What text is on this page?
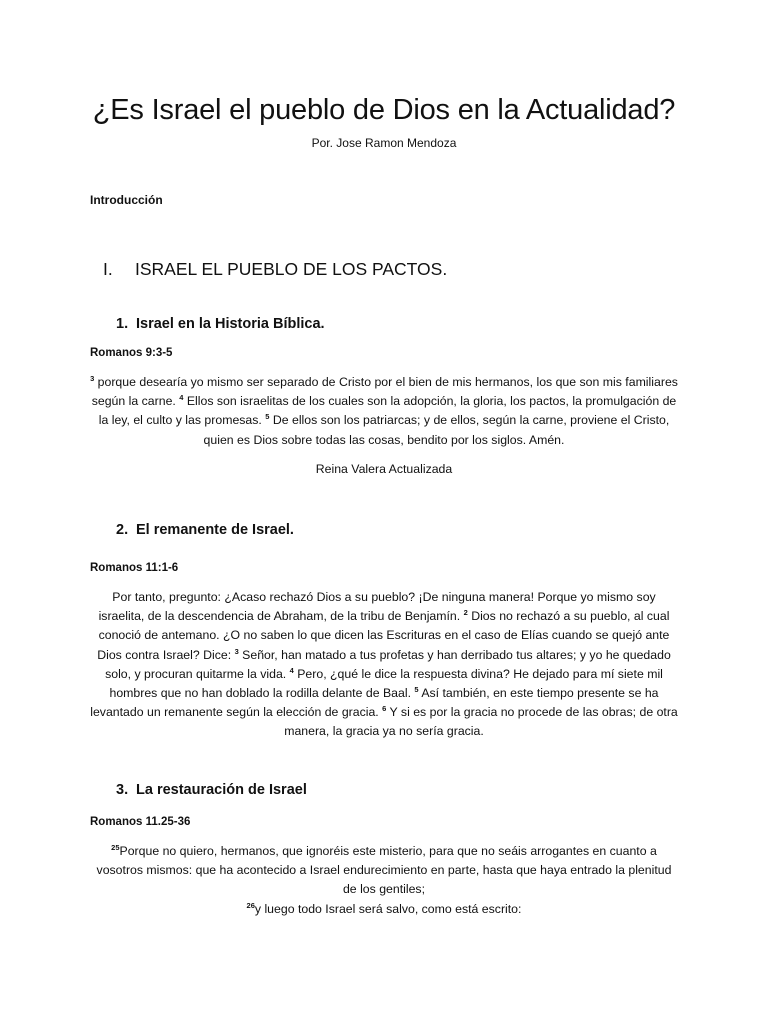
¿Es Israel el pueblo de Dios en la Actualidad?
Por. Jose Ramon Mendoza
Introducción
I.	ISRAEL EL PUEBLO DE LOS PACTOS.
1. Israel en la Historia Bíblica.
Romanos 9:3-5
$^3$ porque desearía yo mismo ser separado de Cristo por el bien de mis hermanos, los que son mis familiares según la carne. $^4$ Ellos son israelitas de los cuales son la adopción, la gloria, los pactos, la promulgación de la ley, el culto y las promesas. $^5$ De ellos son los patriarcas; y de ellos, según la carne, proviene el Cristo, quien es Dios sobre todas las cosas, bendito por los siglos. Amén.
Reina Valera Actualizada
2. El remanente de Israel.
Romanos 11:1-6
Por tanto, pregunto: ¿Acaso rechazó Dios a su pueblo? ¡De ninguna manera! Porque yo mismo soy israelita, de la descendencia de Abraham, de la tribu de Benjamín. $^2$ Dios no rechazó a su pueblo, al cual conoció de antemano. ¿O no saben lo que dicen las Escrituras en el caso de Elías cuando se quejó ante Dios contra Israel? Dice: $^3$ Señor, han matado a tus profetas y han derribado tus altares; y yo he quedado solo, y procuran quitarme la vida. $^4$ Pero, ¿qué le dice la respuesta divina? He dejado para mí siete mil hombres que no han doblado la rodilla delante de Baal. $^5$ Así también, en este tiempo presente se ha levantado un remanente según la elección de gracia. $^6$ Y si es por la gracia no procede de las obras; de otra manera, la gracia ya no sería gracia.
3. La restauración de Israel
Romanos 11.25-36
$^{25}$Porque no quiero, hermanos, que ignoréis este misterio, para que no seáis arrogantes en cuanto a vosotros mismos: que ha acontecido a Israel endurecimiento en parte, hasta que haya entrado la plenitud de los gentiles;
$^{26}$y luego todo Israel será salvo, como está escrito:
